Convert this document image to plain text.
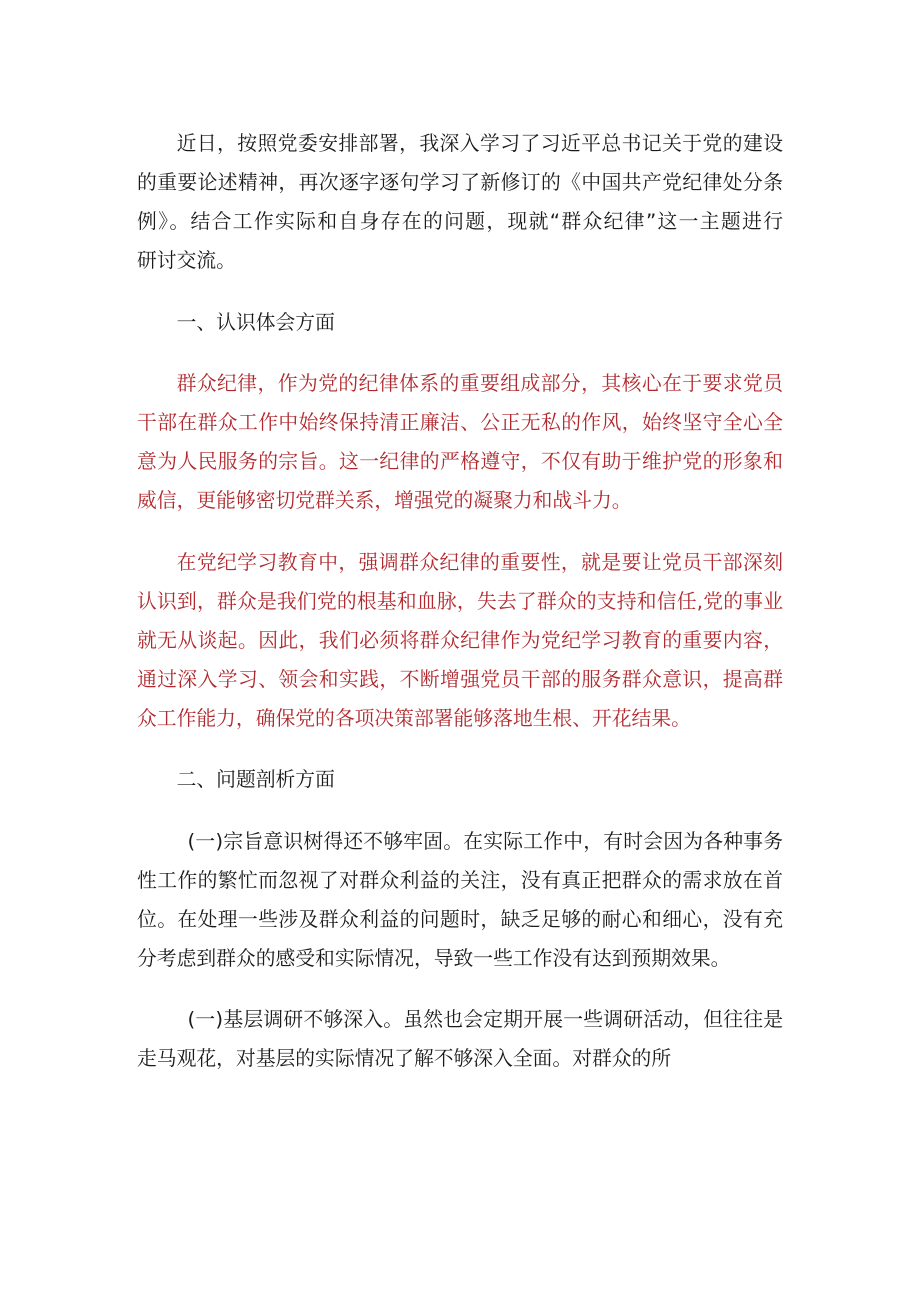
近日，按照党委安排部署，我深入学习了习近平总书记关于党的建设
的重要论述精神，再次逐字逐句学习了新修订的《中国共产党纪律处分条
例》。结合工作实际和自身存在的问题，现就“群众纪律”这一主题进行
研讨交流。

一、认识体会方面

群众纪律，作为党的纪律体系的重要组成部分，其核心在于要求党员
干部在群众工作中始终保持清正廉洁、公正无私的作风，始终坚守全心全
意为人民服务的宗旨。这一纪律的严格遵守，不仅有助于维护党的形象和
威信，更能够密切党群关系，增强党的凝聚力和战斗力。

在党纪学习教育中，强调群众纪律的重要性，就是要让党员干部深刻
认识到，群众是我们党的根基和血脉，失去了群众的支持和信任,党的事业
就无从谈起。因此，我们必须将群众纪律作为党纪学习教育的重要内容，
通过深入学习、领会和实践，不断增强党员干部的服务群众意识，提高群
众工作能力，确保党的各项决策部署能够落地生根、开花结果。

二、问题剖析方面

(一)宗旨意识树得还不够牢固。在实际工作中，有时会因为各种事务
性工作的繁忙而忽视了对群众利益的关注，没有真正把群众的需求放在首
位。在处理一些涉及群众利益的问题时，缺乏足够的耐心和细心，没有充
分考虑到群众的感受和实际情况，导致一些工作没有达到预期效果。

(一)基层调研不够深入。虽然也会定期开展一些调研活动，但往往是
走马观花，对基层的实际情况了解不够深入全面。对群众的所
